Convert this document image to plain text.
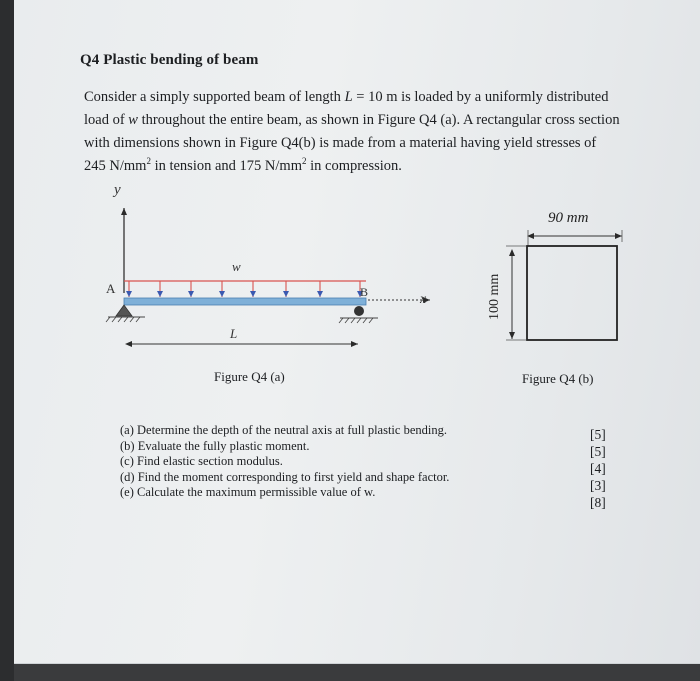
Q4 Plastic bending of beam
Consider a simply supported beam of length L = 10 m is loaded by a uniformly distributed
load of w throughout the entire beam, as shown in Figure Q4 (a). A rectangular cross section
with dimensions shown in Figure Q4(b) is made from a material having yield stresses of
245 $N/mm^2$ in tension and 175 $N/mm^2$ in compression.
y
x
w
A	B
L
90 mm
100 mm
Figure Q4 (a)	Figure Q4 (b)
(a) Determine the depth of the neutral axis at full plastic bending.
(b) Evaluate the fully plastic moment.
(c) Find elastic section modulus.
(d) Find the moment corresponding to first yield and shape factor.
(e) Calculate the maximum permissible value of w.
[5]
[5]
[4]
[3]
[8]
